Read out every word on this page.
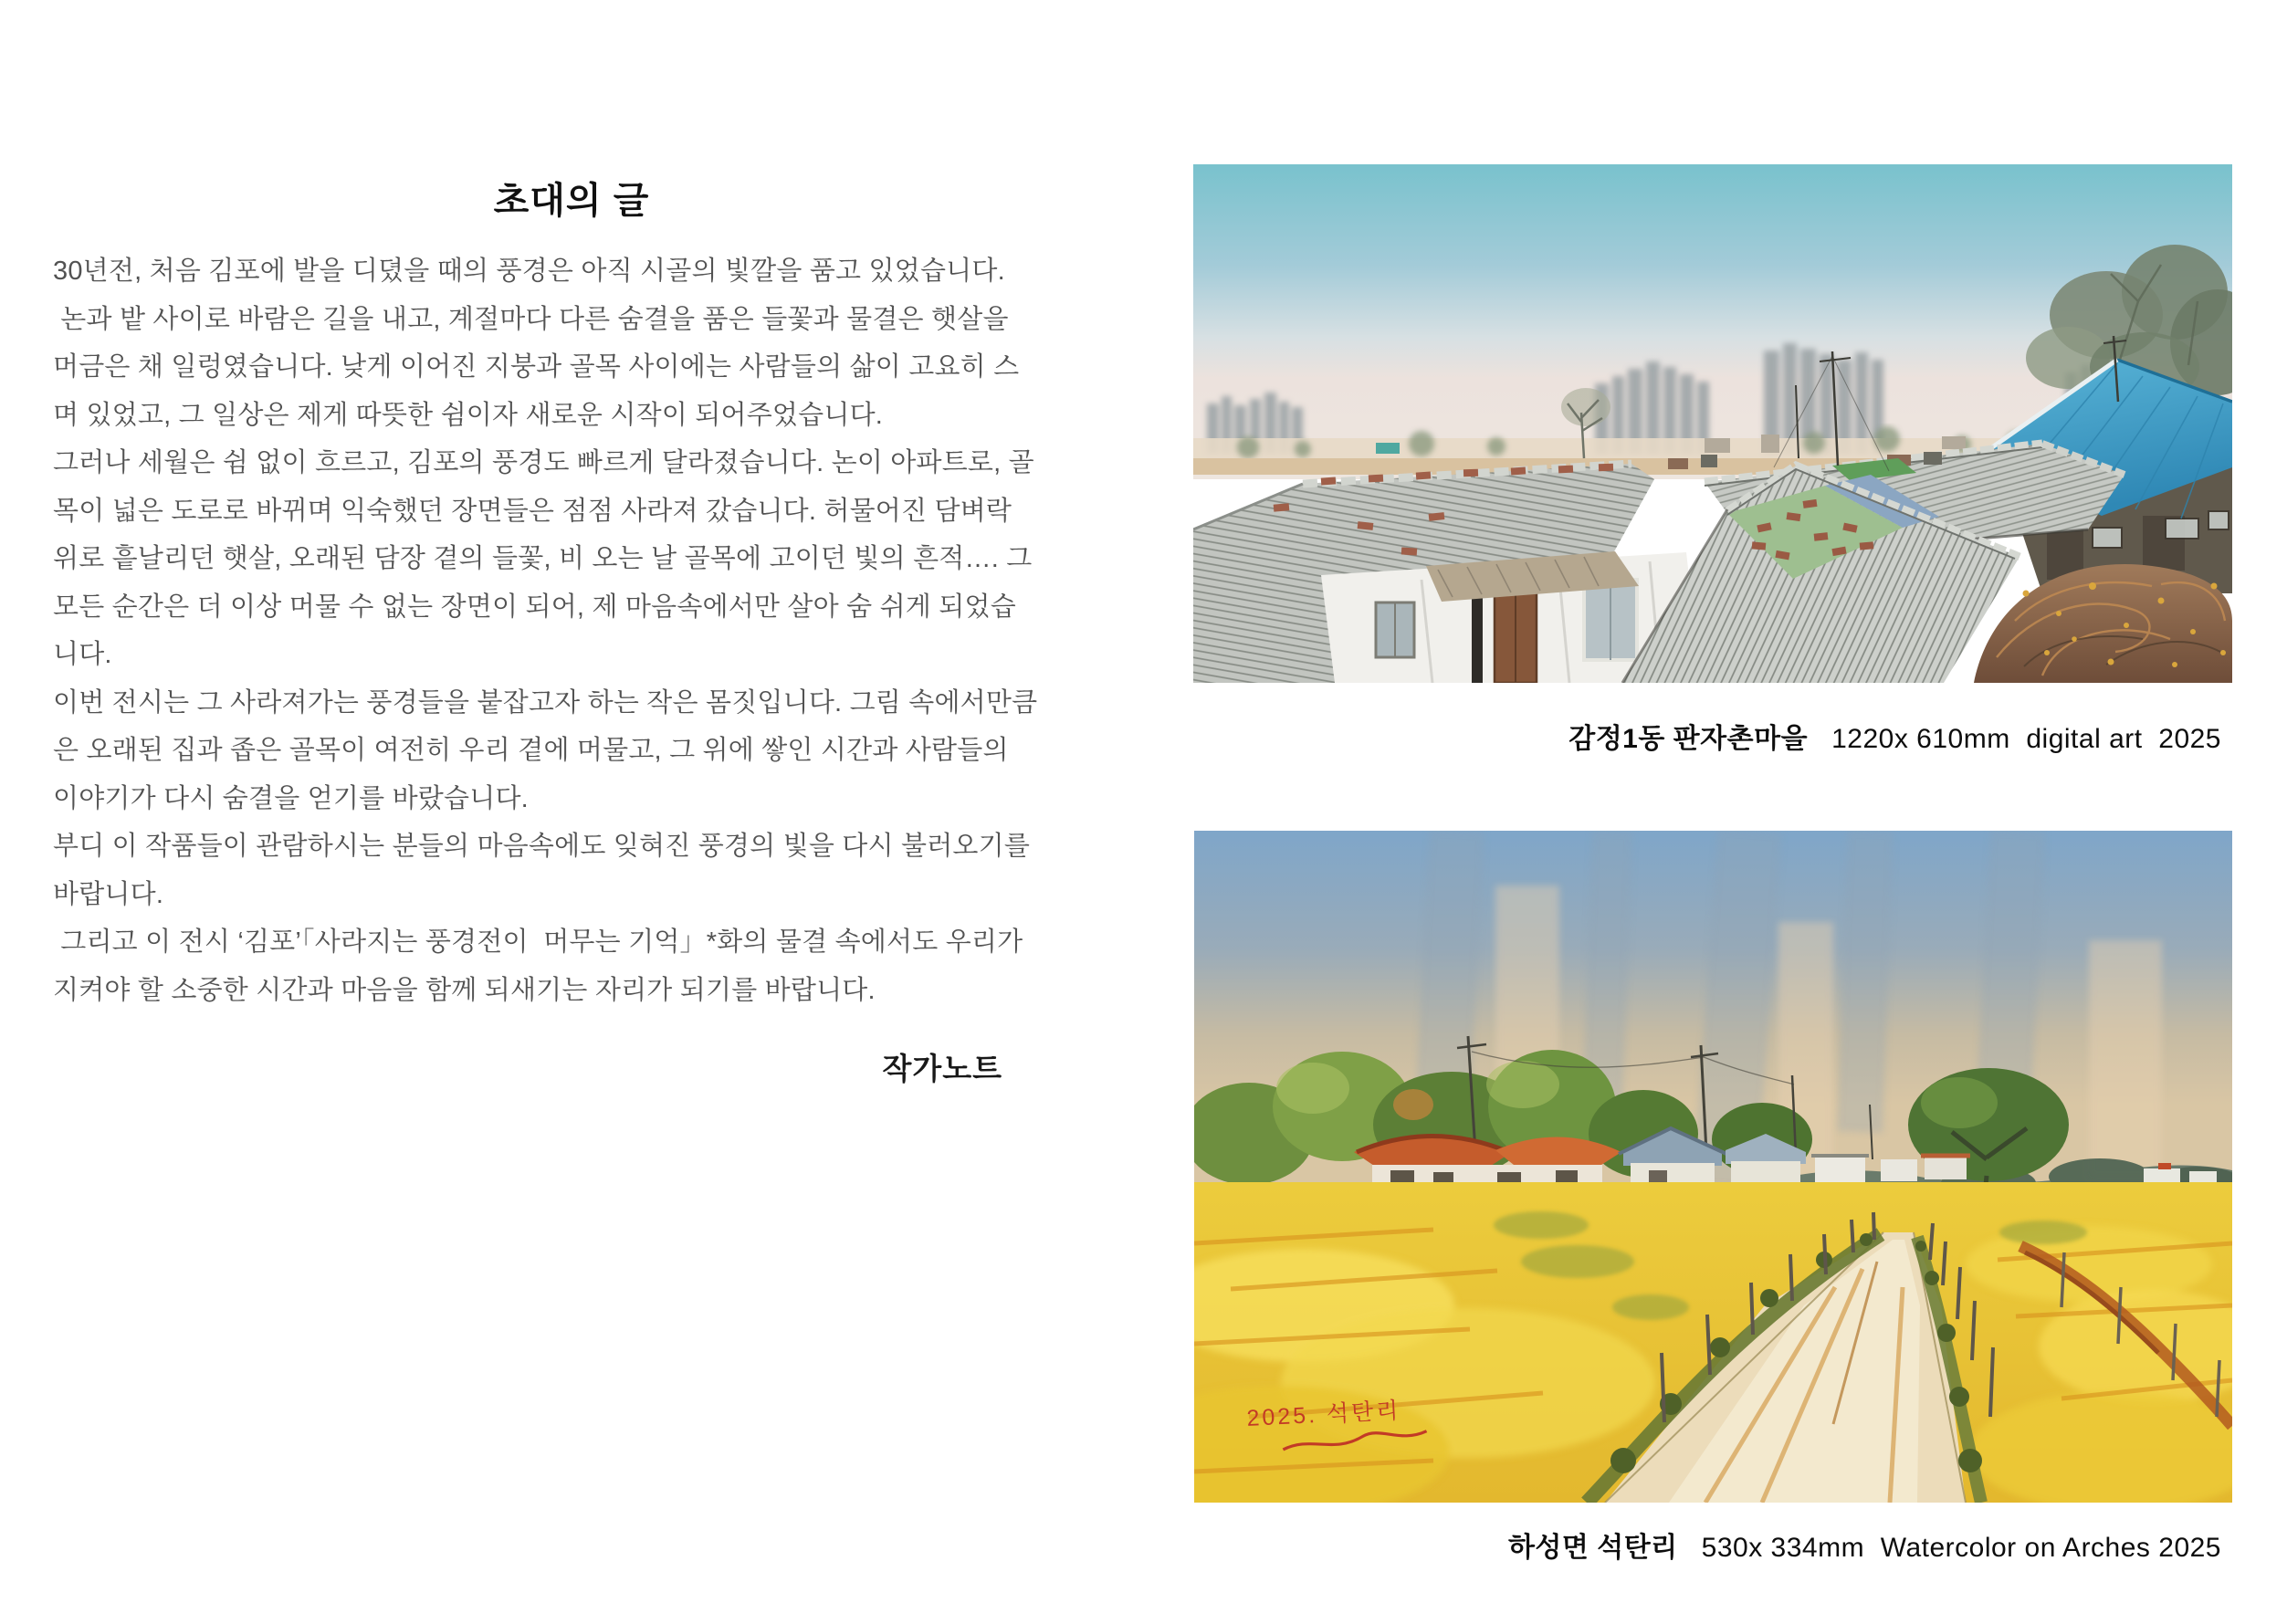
초대의 글
30년전, 처음 김포에 발을 디뎠을 때의 풍경은 아직 시골의 빛깔을 품고 있었습니다.
논과 밭 사이로 바람은 길을 내고, 계절마다 다른 숨결을 품은 들꽃과 물결은 햇살을
머금은 채 일렁였습니다. 낮게 이어진 지붕과 골목 사이에는 사람들의 삶이 고요히 스
며 있었고, 그 일상은 제게 따뜻한 쉼이자 새로운 시작이 되어주었습니다.
그러나 세월은 쉼 없이 흐르고, 김포의 풍경도 빠르게 달라졌습니다. 논이 아파트로, 골
목이 넓은 도로로 바뀌며 익숙했던 장면들은 점점 사라져 갔습니다. 허물어진 담벼락
위로 흩날리던 햇살, 오래된 담장 곁의 들꽃, 비 오는 날 골목에 고이던 빛의 흔적…. 그
모든 순간은 더 이상 머물 수 없는 장면이 되어, 제 마음속에서만 살아 숨 쉬게 되었습
니다.
이번 전시는 그 사라져가는 풍경들을 붙잡고자 하는 작은 몸짓입니다. 그림 속에서만큼
은 오래된 집과 좁은 골목이 여전히 우리 곁에 머물고, 그 위에 쌓인 시간과 사람들의
이야기가 다시 숨결을 얻기를 바랐습니다.
부디 이 작품들이 관람하시는 분들의 마음속에도 잊혀진 풍경의 빛을 다시 불러오기를
바랍니다.
그리고 이 전시 ‘김포’「사라지는 풍경전이  머무는 기억」*화의 물결 속에서도 우리가
지켜야 할 소중한 시간과 마음을 함께 되새기는 자리가 되기를 바랍니다.
작가노트

감정1동 판자촌마을 1220x 610mm  digital art  2025

2025. 석탄리

하성면 석탄리 530x 334mm  Watercolor on Arches 2025
